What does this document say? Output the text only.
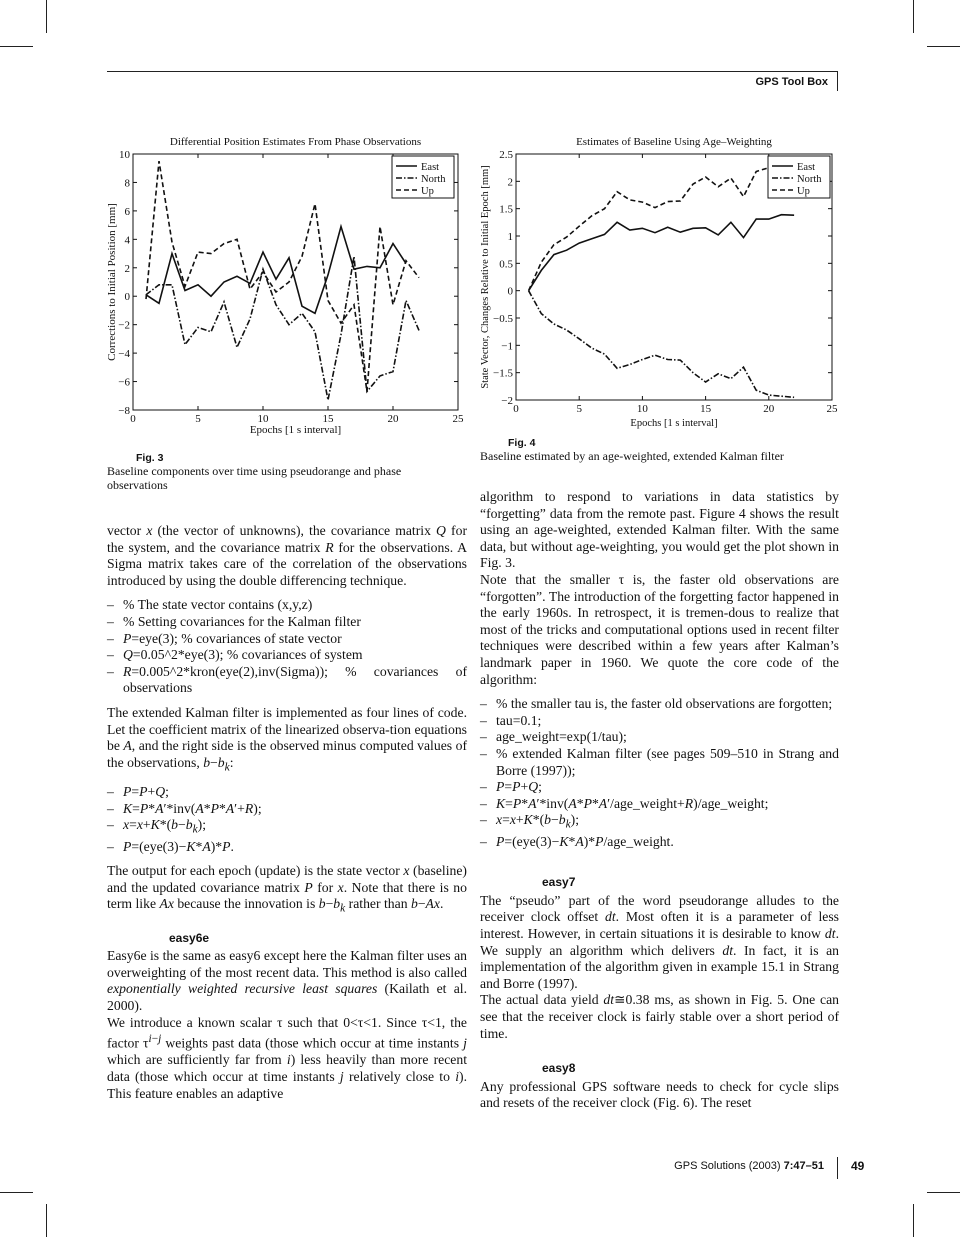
GPS Tool Box
Differential Position Estimates From Phase Observations
0	5	10	15	20	25
10
8
6
4
2
0
−2
−4
−6
−8
Epochs [1 s interval]
Corrections to Initial Position [mm]
East
North
Up
Fig. 3
Baseline components over time using pseudorange and phase observations
Estimates of Baseline Using Age–Weighting
0	5	10	15	20	25
2.5
2
1.5
1
0.5
0
−0.5
−1
−1.5
−2
Epochs [1 s interval]
State Vector, Changes Relative to Initial Epoch [mm]	East
North
Up
Fig. 4
Baseline estimated by an age-weighted, extended Kalman filter

vector x (the vector of unknowns), the covariance matrix Q for the system, and the covariance matrix R for the observations. A Sigma matrix takes care of the correlation of the observations introduced by using the double differencing technique.

– % The state vector contains (x,y,z)
– % Setting covariances for the Kalman filter
– P=eye(3); % covariances of state vector
– Q=0.05^2*eye(3); % covariances of system
– R=0.005^2*kron(eye(2),inv(Sigma)); % covariances of observations

The extended Kalman filter is implemented as four lines of code. Let the coefficient matrix of the linearized observa-tion equations be A, and the right side is the observed minus computed values of the observations, $b-b_k$:

– P=P+Q;
– K=P*A′*inv(A*P*A′+R);
– $x=x+K*(b-b_k)$;
– P=(eye(3)−K*A)*P.

The output for each epoch (update) is the state vector x (baseline) and the updated covariance matrix P for x. Note that there is no term like Ax because the innovation is $b-b_k$ rather than b−Ax.

easy6e

Easy6e is the same as easy6 except here the Kalman filter uses an overweighting of the most recent data. This method is also called exponentially weighted recursive least squares (Kailath et al. 2000).

We introduce a known scalar τ such that 0<τ<1. Since τ<1, the factor $\tau^{i-j}$ weights past data (those which occur at time instants j which are sufficiently far from i) less heavily than more recent data (those which occur at time instants j relatively close to i). This feature enables an adaptive

algorithm to respond to variations in data statistics by “forgetting” data from the remote past. Figure 4 shows the result using an age-weighted, extended Kalman filter. With the same data, but without age-weighting, you would get the plot shown in Fig. 3.

Note that the smaller τ is, the faster old observations are “forgotten”. The introduction of the forgetting factor happened in the early 1960s. In retrospect, it is tremen-dous to realize that most of the tricks and computational options used in recent filter techniques were described within a few years after Kalman’s landmark paper in 1960. We quote the core code of the algorithm:

– % the smaller tau is, the faster old observations are forgotten;
– tau=0.1;
– age_weight=exp(1/tau);
– % extended Kalman filter (see pages 509–510 in Strang and Borre (1997));
– P=P+Q;
– K=P*A′*inv(A*P*A′/age_weight+R)/age_weight;
– $x=x+K*(b-b_k)$;
– P=(eye(3)−K*A)*P/age_weight.
easy7

The “pseudo” part of the word pseudorange alludes to the receiver clock offset dt. Most often it is a parameter of less interest. However, in certain situations it is desirable to know dt. We supply an algorithm which delivers dt. In fact, it is an implementation of the algorithm given in example 15.1 in Strang and Borre (1997).

The actual data yield dt≅0.38 ms, as shown in Fig. 5. One can see that the receiver clock is fairly stable over a short period of time.

easy8

Any professional GPS software needs to check for cycle slips and resets of the receiver clock (Fig. 6). The reset

GPS Solutions (2003) 7:47–51 49
